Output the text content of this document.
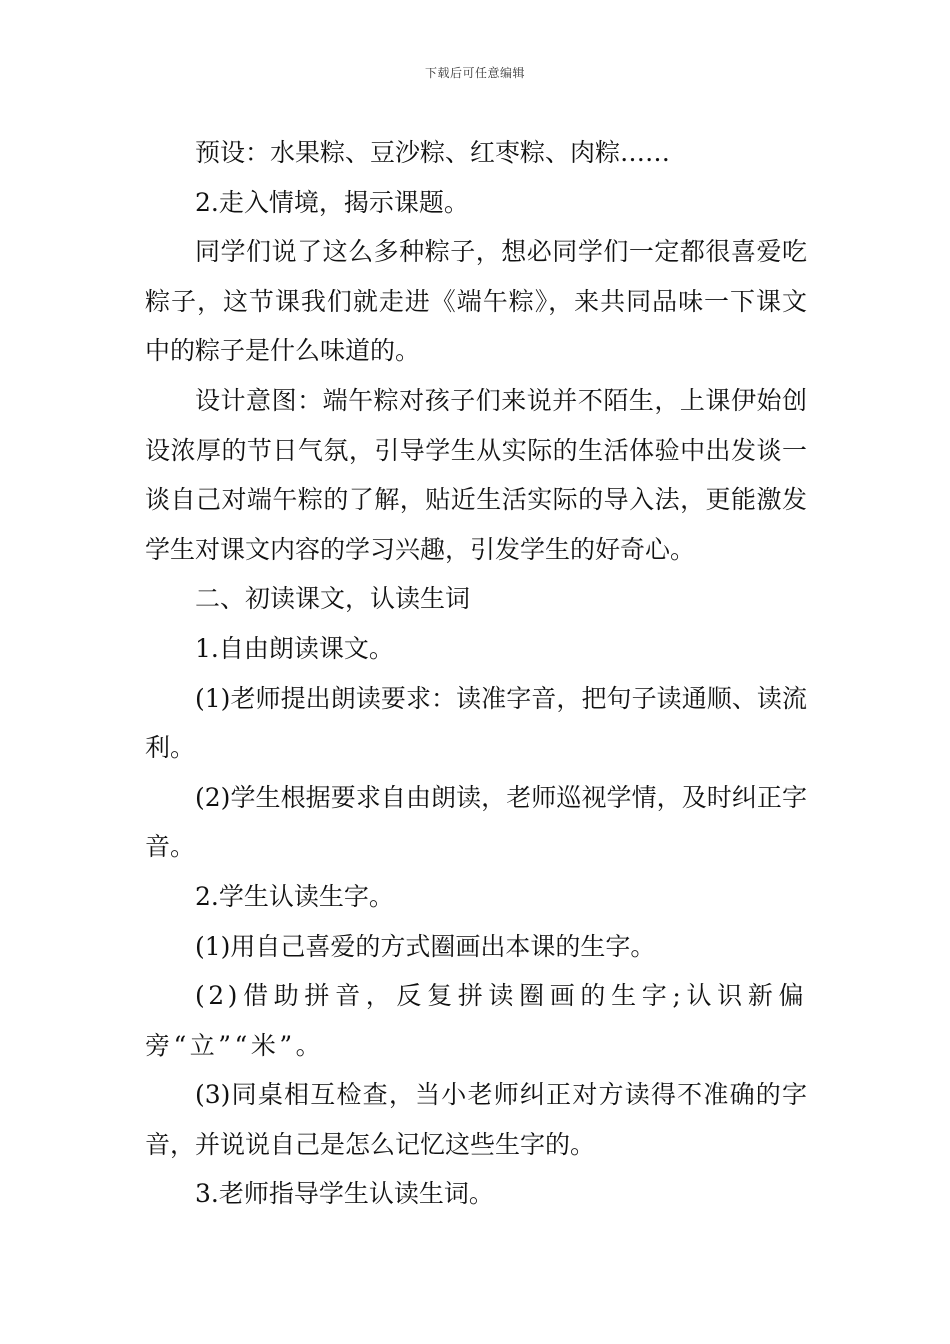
下载后可任意编辑

预设：水果粽、豆沙粽、红枣粽、肉粽……

2.走入情境，揭示课题。

同学们说了这么多种粽子，想必同学们一定都很喜爱吃粽子，这节课我们就走进《端午粽》，来共同品味一下课文中的粽子是什么味道的。

设计意图：端午粽对孩子们来说并不陌生，上课伊始创设浓厚的节日气氛，引导学生从实际的生活体验中出发谈一谈自己对端午粽的了解，贴近生活实际的导入法，更能激发学生对课文内容的学习兴趣，引发学生的好奇心。

二、初读课文，认读生词

1.自由朗读课文。

(1)老师提出朗读要求：读准字音，把句子读通顺、读流利。

(2)学生根据要求自由朗读，老师巡视学情，及时纠正字音。

2.学生认读生字。

(1)用自己喜爱的方式圈画出本课的生字。

(2)借助拼音，反复拼读圈画的生字;认识新偏旁“立”“米”。

(3)同桌相互检查，当小老师纠正对方读得不准确的字音，并说说自己是怎么记忆这些生字的。

3.老师指导学生认读生词。
